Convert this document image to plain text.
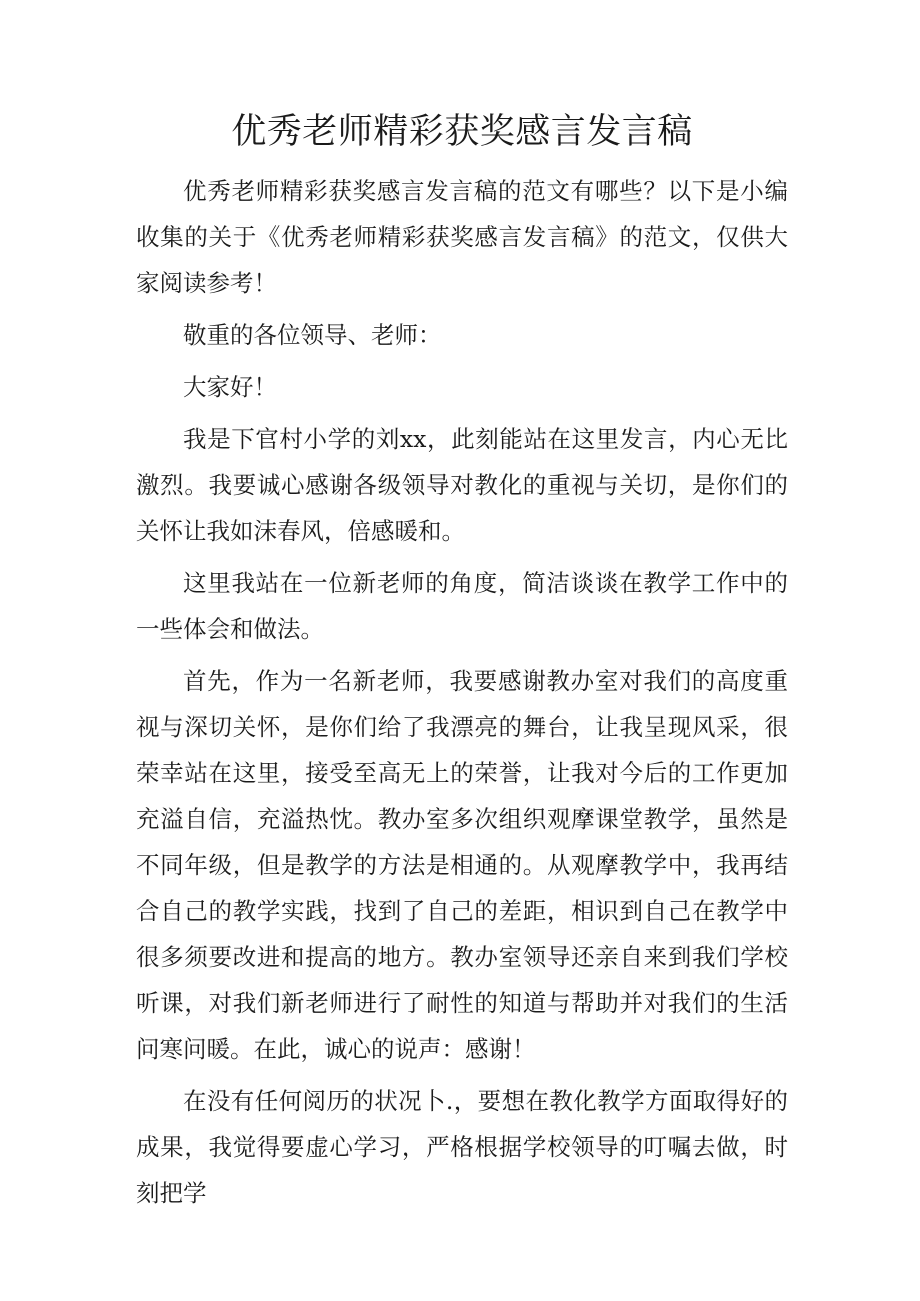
优秀老师精彩获奖感言发言稿

优秀老师精彩获奖感言发言稿的范文有哪些？以下是小编收集的关于《优秀老师精彩获奖感言发言稿》的范文，仅供大家阅读参考！

敬重的各位领导、老师：

大家好！

我是下官村小学的刘xx，此刻能站在这里发言，内心无比激烈。我要诚心感谢各级领导对教化的重视与关切，是你们的关怀让我如沫春风，倍感暖和。

这里我站在一位新老师的角度，简洁谈谈在教学工作中的一些体会和做法。

首先，作为一名新老师，我要感谢教办室对我们的高度重视与深切关怀，是你们给了我漂亮的舞台，让我呈现风采，很荣幸站在这里，接受至高无上的荣誉，让我对今后的工作更加充溢自信，充溢热忱。教办室多次组织观摩课堂教学，虽然是不同年级，但是教学的方法是相通的。从观摩教学中，我再结合自己的教学实践，找到了自己的差距，相识到自己在教学中很多须要改进和提高的地方。教办室领导还亲自来到我们学校听课，对我们新老师进行了耐性的知道与帮助并对我们的生活问寒问暖。在此，诚心的说声：感谢！

在没有任何阅历的状况卜.，要想在教化教学方面取得好的成果，我觉得要虚心学习，严格根据学校领导的叮嘱去做，时刻把学
